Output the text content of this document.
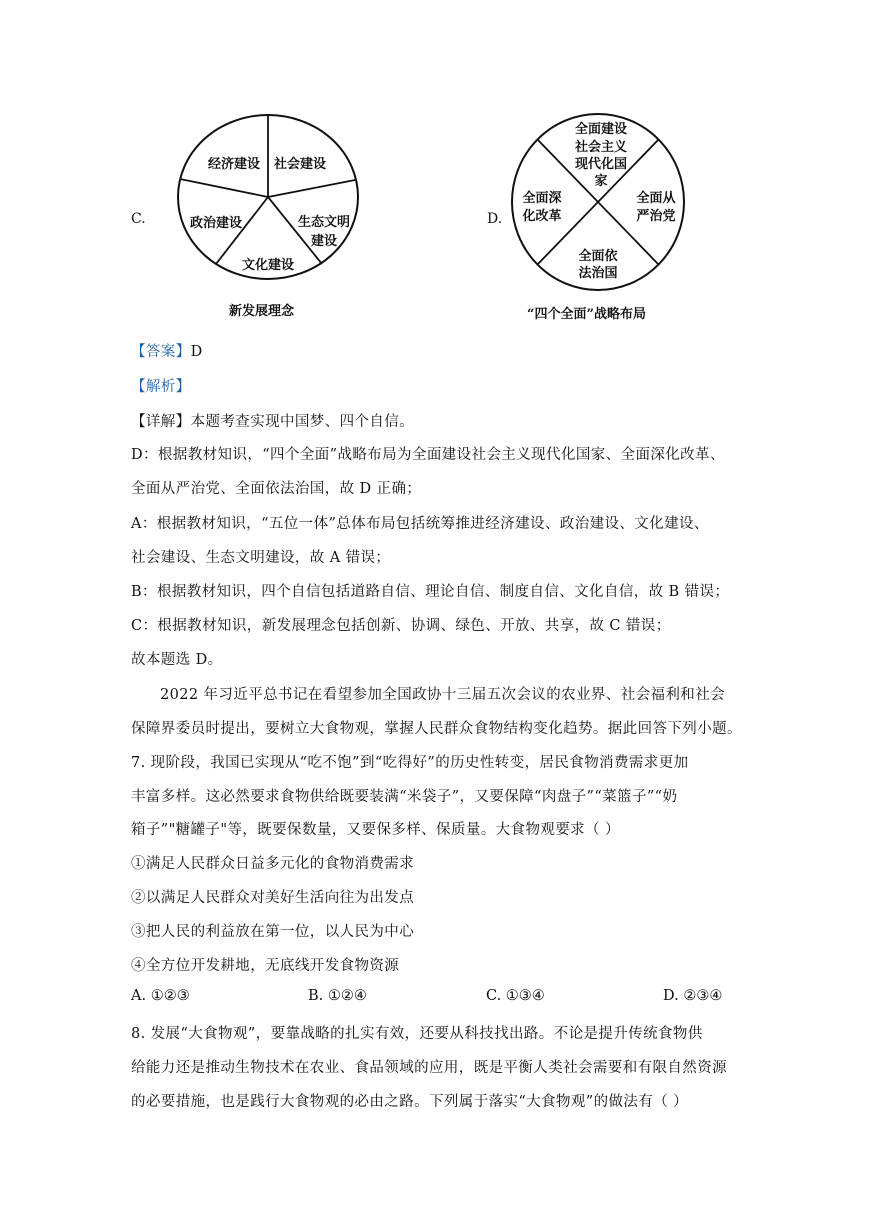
C.
经济建设 社会建设
生态文明
建设
文化建设
政治建设
新发展理念
D.
全面建设
社会主义
现代化国
家
全面从
严治党
全面深
化改革
全面依
法治国
“四个全面”战略布局
【答案】D
【解析】
【详解】本题考查实现中国梦、四个自信。
D：根据教材知识，“四个全面”战略布局为全面建设社会主义现代化国家、全面深化改革、
全面从严治党、全面依法治国，故 D 正确；
A：根据教材知识，“五位一体”总体布局包括统筹推进经济建设、政治建设、文化建设、
社会建设、生态文明建设，故 A 错误；
B：根据教材知识，四个自信包括道路自信、理论自信、制度自信、文化自信，故 B 错误；
C：根据教材知识，新发展理念包括创新、协调、绿色、开放、共享，故 C 错误；
故本题选 D。
2022 年习近平总书记在看望参加全国政协十三届五次会议的农业界、社会福利和社会
保障界委员时提出，要树立大食物观，掌握人民群众食物结构变化趋势。据此回答下列小题。
7. 现阶段，我国已实现从“吃不饱”到“吃得好”的历史性转变，居民食物消费需求更加
丰富多样。这必然要求食物供给既要装满“米袋子”，又要保障“肉盘子”“菜篮子”“奶
箱子”"糖罐子"等，既要保数量，又要保多样、保质量。大食物观要求（ ）
①满足人民群众日益多元化的食物消费需求
②以满足人民群众对美好生活向往为出发点
③把人民的利益放在第一位，以人民为中心
④全方位开发耕地，无底线开发食物资源
A. ①②③	B. ①②④	C. ①③④	D. ②③④
8. 发展“大食物观”，要靠战略的扎实有效，还要从科技找出路。不论是提升传统食物供
给能力还是推动生物技术在农业、食品领域的应用，既是平衡人类社会需要和有限自然资源
的必要措施，也是践行大食物观的必由之路。下列属于落实“大食物观”的做法有（ ）
